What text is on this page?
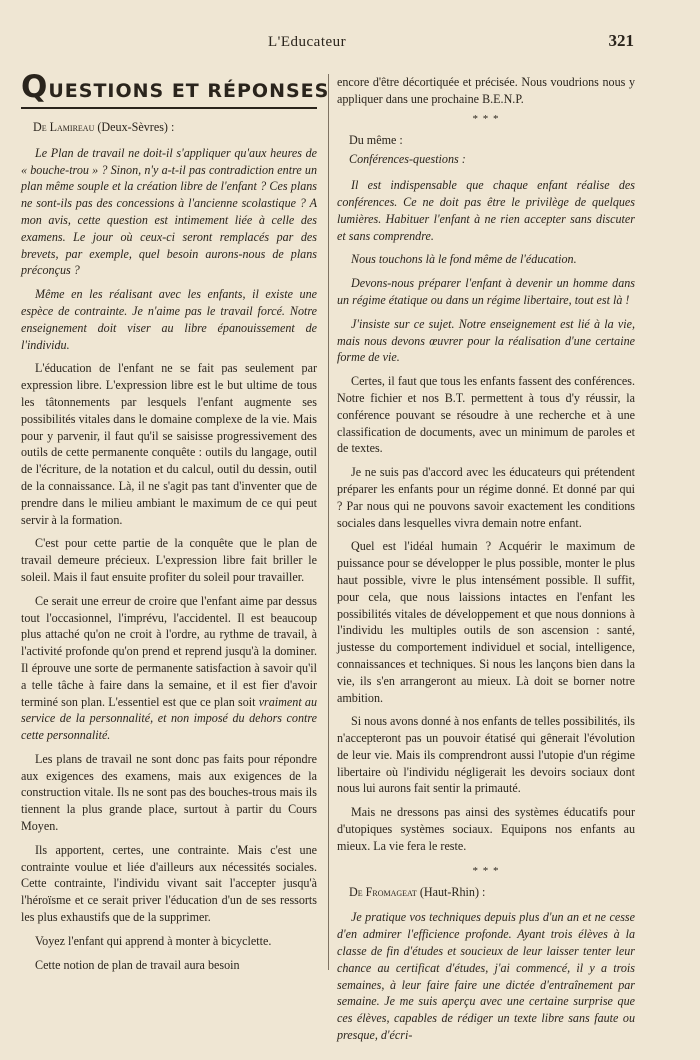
L'Educateur	321
QUESTIONS ET RÉPONSES
De Lamireau (Deux-Sèvres) :

Le Plan de travail ne doit-il s'appliquer qu'aux heures de « bouche-trou » ? Sinon, n'y a-t-il pas contradiction entre un plan même souple et la création libre de l'enfant ? Ces plans ne sont-ils pas des concessions à l'ancienne scolastique ? A mon avis, cette question est intimement liée à celle des examens. Le jour où ceux-ci seront remplacés par des brevets, par exemple, quel besoin aurons-nous de plans préconçus ?

Même en les réalisant avec les enfants, il existe une espèce de contrainte. Je n'aime pas le travail forcé. Notre enseignement doit viser au libre épanouissement de l'individu.

L'éducation de l'enfant ne se fait pas seulement par expression libre. L'expression libre est le but ultime de tous les tâtonnements par lesquels l'enfant augmente ses possibilités vitales dans le domaine complexe de la vie. Mais pour y parvenir, il faut qu'il se saisisse progressivement des outils de cette permanente conquête : outils du langage, outil de l'écriture, de la notation et du calcul, outil du dessin, outil de la connaissance. Là, il ne s'agit pas tant d'inventer que de prendre dans le milieu ambiant le maximum de ce qui peut servir à la formation.

C'est pour cette partie de la conquête que le plan de travail demeure précieux. L'expression libre fait briller le soleil. Mais il faut ensuite profiter du soleil pour travailler.

Ce serait une erreur de croire que l'enfant aime par dessus tout l'occasionnel, l'imprévu, l'accidentel. Il est beaucoup plus attaché qu'on ne croit à l'ordre, au rythme de travail, à l'activité profonde qu'on prend et reprend jusqu'à la dominer. Il éprouve une sorte de permanente satisfaction à savoir qu'il a telle tâche à faire dans la semaine, et il est fier d'avoir terminé son plan. L'essentiel est que ce plan soit vraiment au service de la personnalité, et non imposé du dehors contre cette personnalité.

Les plans de travail ne sont donc pas faits pour répondre aux exigences des examens, mais aux exigences de la construction vitale. Ils ne sont pas des bouches-trous mais ils tiennent la plus grande place, surtout à partir du Cours Moyen.

Ils apportent, certes, une contrainte. Mais c'est une contrainte voulue et liée d'ailleurs aux nécessités sociales. Cette contrainte, l'individu vivant sait l'accepter jusqu'à l'héroïsme et ce serait priver l'éducation d'un de ses ressorts les plus exhaustifs que de la supprimer.

Voyez l'enfant qui apprend à monter à bicyclette.

Cette notion de plan de travail aura besoin

encore d'être décortiquée et précisée. Nous voudrions nous y appliquer dans une prochaine B.E.N.P.

* * *
Du même :
Conférences-questions :

Il est indispensable que chaque enfant réalise des conférences. Ce ne doit pas être le privilège de quelques lumières. Habituer l'enfant à ne rien accepter sans discuter et sans comprendre.

Nous touchons là le fond même de l'éducation.

Devons-nous préparer l'enfant à devenir un homme dans un régime étatique ou dans un régime libertaire, tout est là !

J'insiste sur ce sujet. Notre enseignement est lié à la vie, mais nous devons œuvrer pour la réalisation d'une certaine forme de vie.

Certes, il faut que tous les enfants fassent des conférences. Notre fichier et nos B.T. permettent à tous d'y réussir, la conférence pouvant se résoudre à une recherche et à une classification de documents, avec un minimum de paroles et de textes.

Je ne suis pas d'accord avec les éducateurs qui prétendent préparer les enfants pour un régime donné. Et donné par qui ? Par nous qui ne pouvons savoir exactement les conditions sociales dans lesquelles vivra demain notre enfant.

Quel est l'idéal humain ? Acquérir le maximum de puissance pour se développer le plus possible, monter le plus haut possible, vivre le plus intensément possible. Il suffit, pour cela, que nous laissions intactes en l'enfant les possibilités vitales de développement et que nous donnions à l'individu les multiples outils de son ascension : santé, justesse du comportement individuel et social, intelligence, connaissances et techniques. Si nous les lançons bien dans la vie, ils s'en arrangeront au mieux. Là doit se borner notre ambition.

Si nous avons donné à nos enfants de telles possibilités, ils n'accepteront pas un pouvoir étatisé qui gênerait l'évolution de leur vie. Mais ils comprendront aussi l'utopie d'un régime libertaire où l'individu négligerait les devoirs sociaux dont nous lui aurons fait sentir la primauté.

Mais ne dressons pas ainsi des systèmes éducatifs pour d'utopiques systèmes sociaux. Equipons nos enfants au mieux. La vie fera le reste.

* * *
De Fromageat (Haut-Rhin) :

Je pratique vos techniques depuis plus d'un an et ne cesse d'en admirer l'efficience profonde. Ayant trois élèves à la classe de fin d'études et soucieux de leur laisser tenter leur chance au certificat d'études, j'ai commencé, il y a trois semaines, à leur faire faire une dictée d'entraînement par semaine. Je me suis aperçu avec une certaine surprise que ces élèves, capables de rédiger un texte libre sans faute ou presque, d'écri-
